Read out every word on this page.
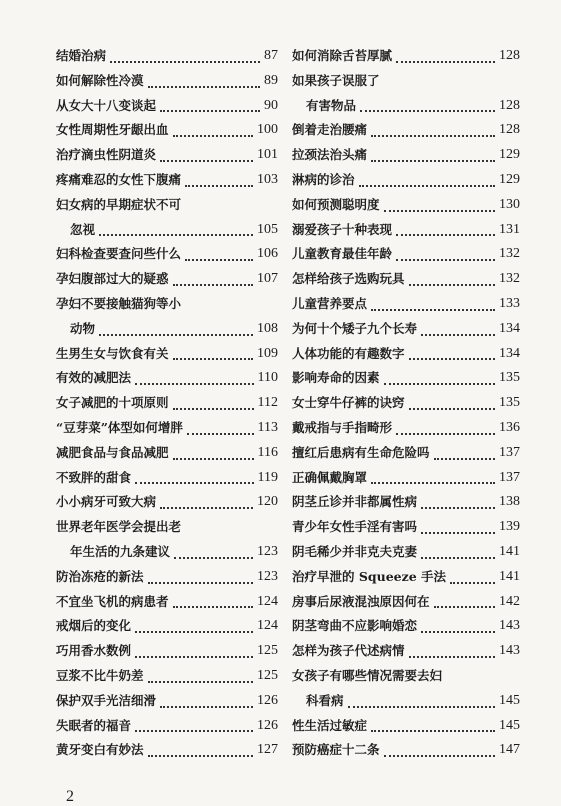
结婚治病	87
如何解除性冷漠	89
从女大十八变谈起	90
女性周期性牙龈出血	100
治疗滴虫性阴道炎	101
疼痛难忍的女性下腹痛	103
妇女病的早期症状不可
忽视	105
妇科检查要查问些什么	106
孕妇腹部过大的疑惑	107
孕妇不要接触猫狗等小
动物	108
生男生女与饮食有关	109
有效的减肥法	110
女子减肥的十项原则	112
“豆芽菜”体型如何增胖	113
减肥食品与食品减肥	116
不致胖的甜食	119
小小病牙可致大病	120
世界老年医学会提出老
年生活的九条建议	123
防治冻疮的新法	123
不宜坐飞机的病患者	124
戒烟后的变化	124
巧用香水数例	125
豆浆不比牛奶差	125
保护双手光洁细滑	126
失眠者的福音	126
黄牙变白有妙法	127
如何消除舌苔厚腻	128
如果孩子误服了
有害物品	128
倒着走治腰痛	128
拉颈法治头痛	129
淋病的诊治	129
如何预测聪明度	130
溺爱孩子十种表现	131
儿童教育最佳年龄	132
怎样给孩子选购玩具	132
儿童营养要点	133
为何十个矮子九个长寿	134
人体功能的有趣数字	134
影响寿命的因素	135
女士穿牛仔裤的诀窍	135
戴戒指与手指畸形	136
擅红后患病有生命危险吗	137
正确佩戴胸罩	137
阴茎丘诊并非都属性病	138
青少年女性手淫有害吗	139
阴毛稀少并非克夫克妻	141
治疗早泄的 Squeeze 手法	141
房事后尿液混浊原因何在	142
阴茎弯曲不应影响婚恋	143
怎样为孩子代述病情	143
女孩子有哪些情况需要去妇
科看病	145
性生活过敏症	145
预防癌症十二条	147
2
